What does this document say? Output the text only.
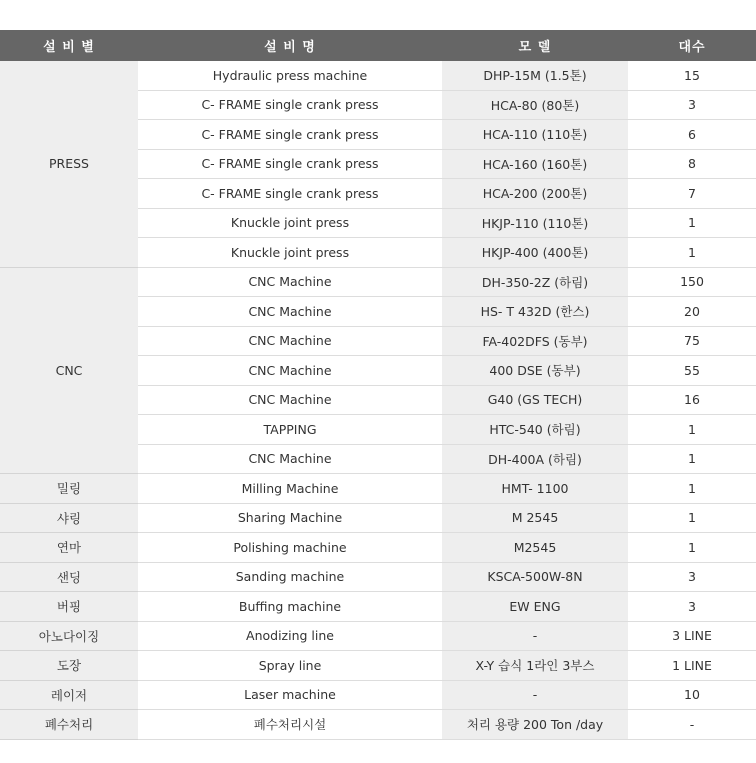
설 비 별	설 비 명	모 델	대수
PRESS	Hydraulic press machine	DHP-15M (1.5톤)	15
	C- FRAME single crank press	HCA-80 (80톤)	3
	C- FRAME single crank press	HCA-110 (110톤)	6
	C- FRAME single crank press	HCA-160 (160톤)	8
	C- FRAME single crank press	HCA-200 (200톤)	7
	Knuckle joint press	HKJP-110 (110톤)	1
	Knuckle joint press	HKJP-400 (400톤)	1
CNC	CNC Machine	DH-350-2Z (하림)	150
	CNC Machine	HS- T 432D (한스)	20
	CNC Machine	FA-402DFS (동부)	75
	CNC Machine	400 DSE (동부)	55
	CNC Machine	G40 (GS TECH)	16
	TAPPING	HTC-540 (하림)	1
	CNC Machine	DH-400A (하림)	1
밀링	Milling Machine	HMT- 1100	1
샤링	Sharing Machine	M 2545	1
연마	Polishing machine	M2545	1
샌딩	Sanding machine	KSCA-500W-8N	3
버핑	Buffing machine	EW ENG	3
아노다이징	Anodizing line	-	3 LINE
도장	Spray line	X-Y 습식 1라인 3부스	1 LINE
레이저	Laser machine	-	10
폐수처리	폐수처리시설	처리 용량 200 Ton /day	-
